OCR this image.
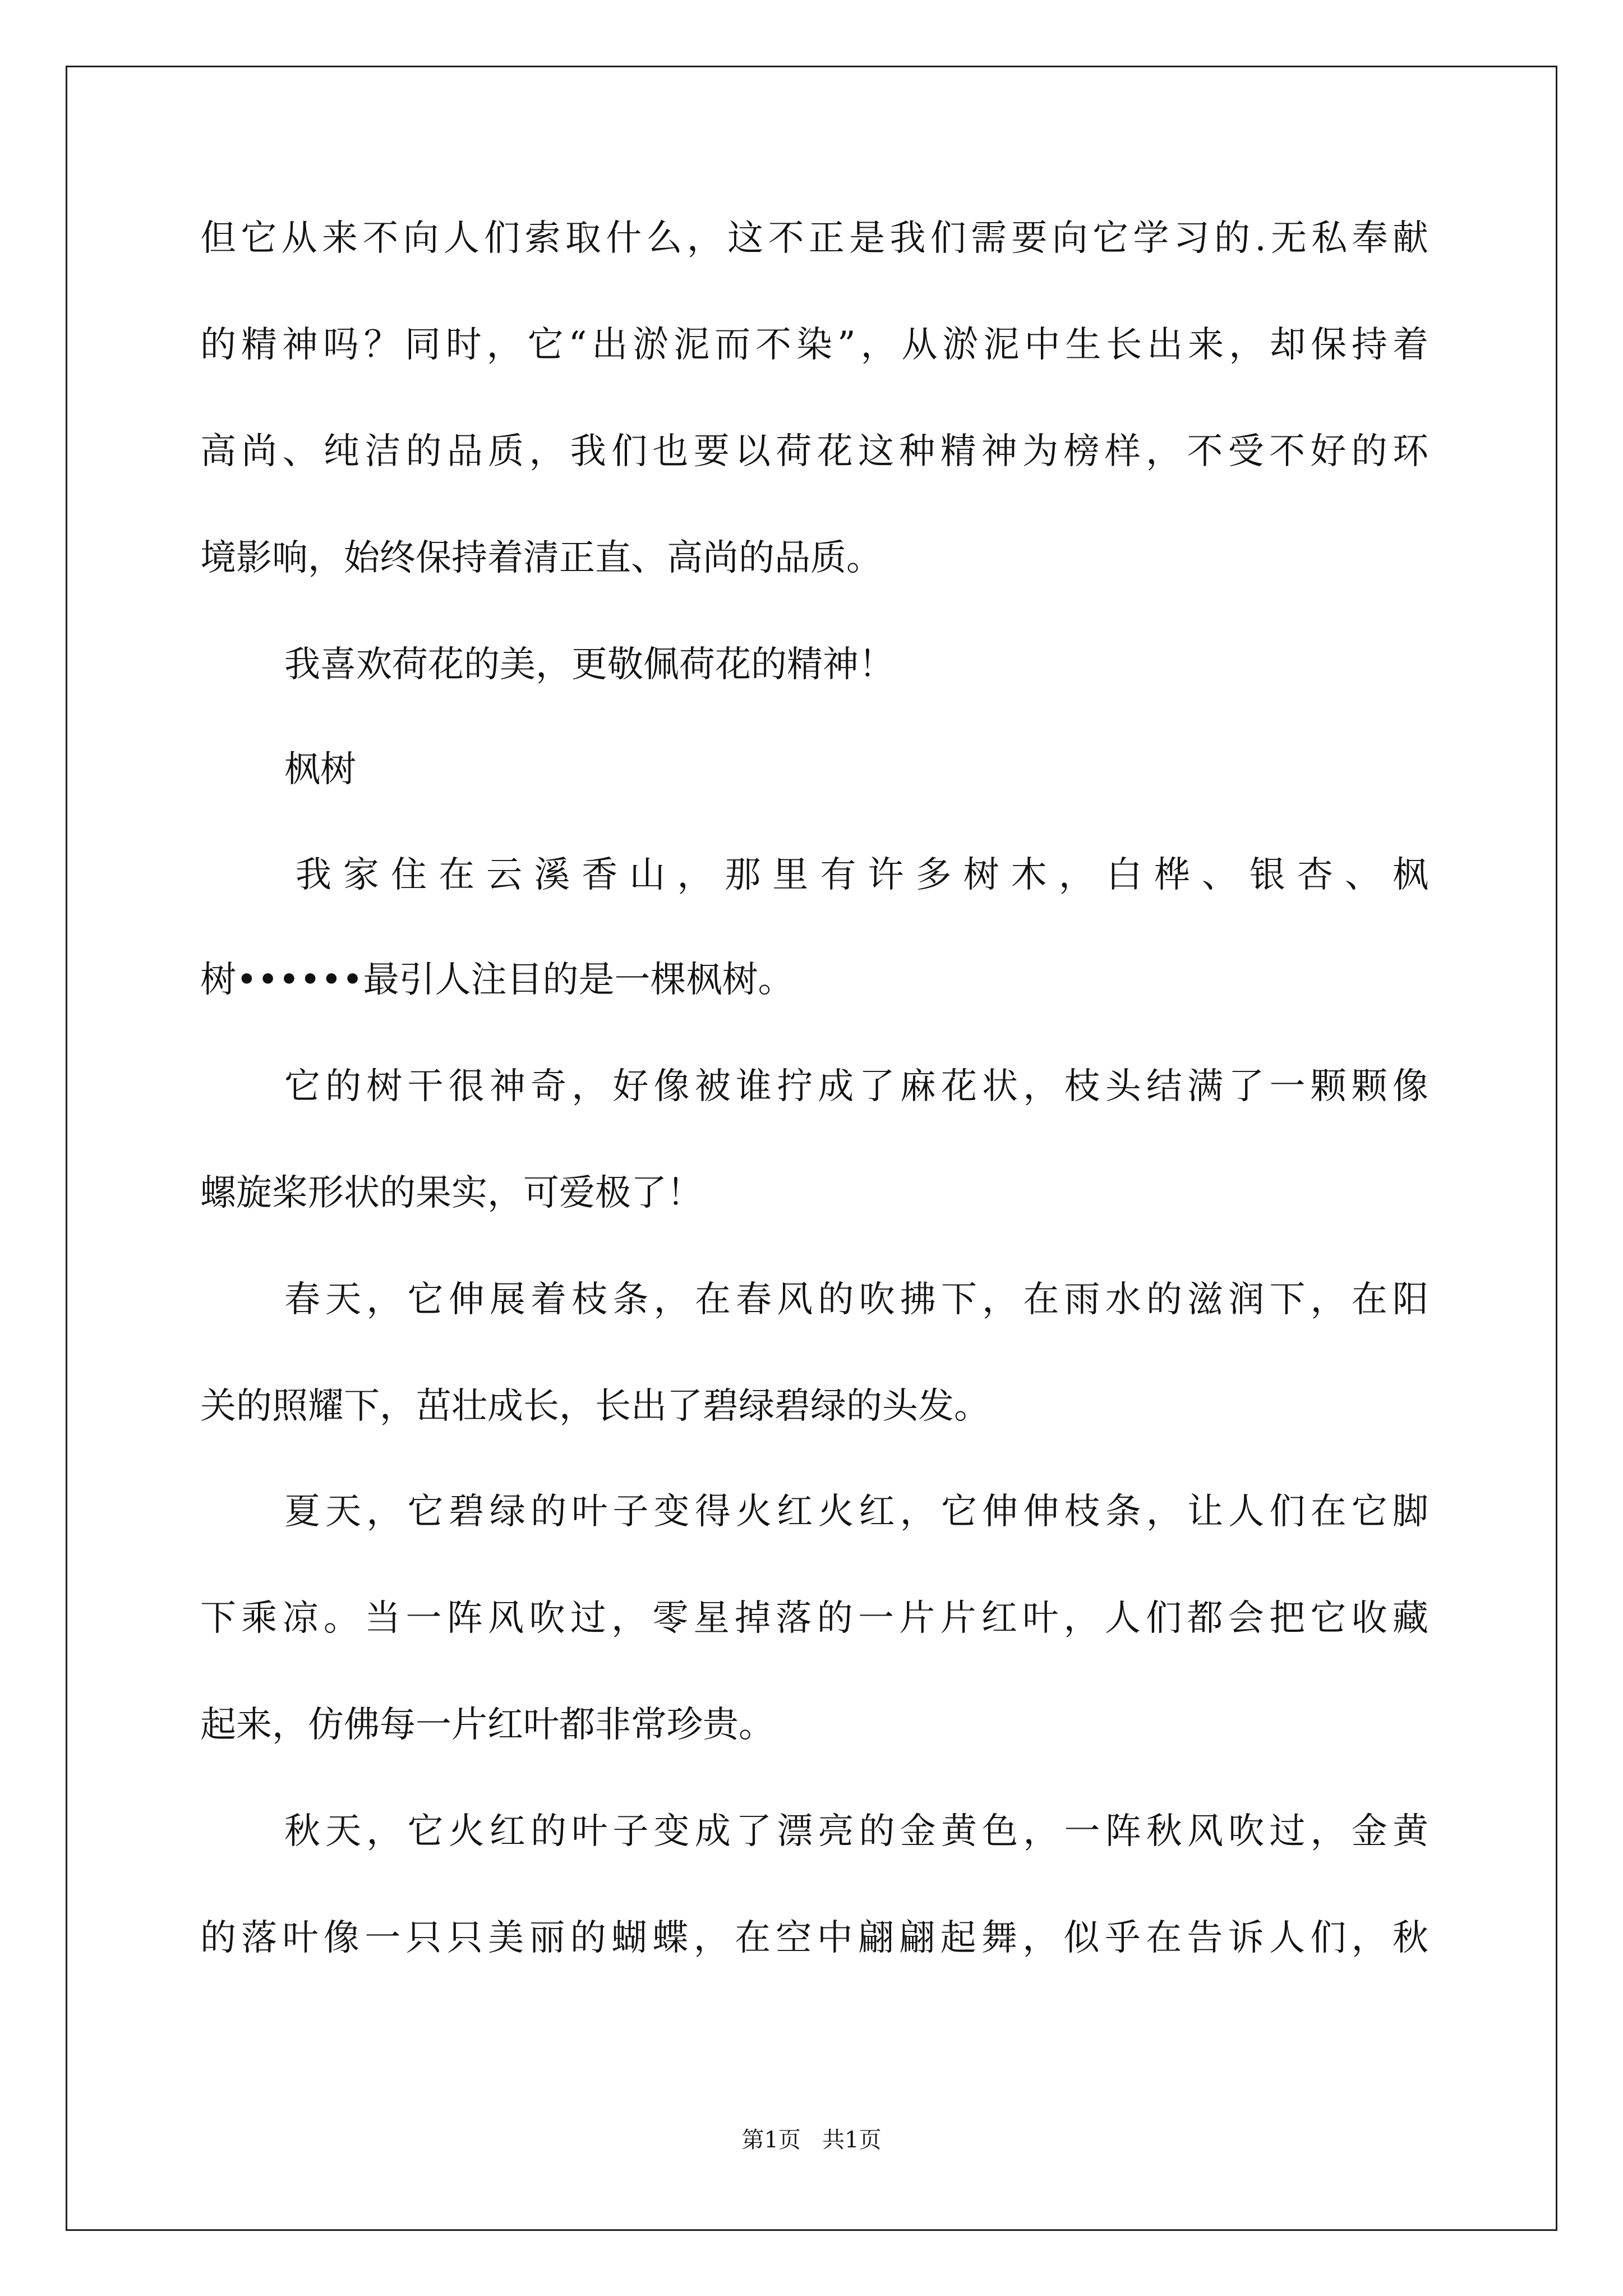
但它从来不向人们索取什么，这不正是我们需要向它学习的.无私奉献
的精神吗？同时，它“出淤泥而不染”，从淤泥中生长出来，却保持着
高尚、纯洁的品质，我们也要以荷花这种精神为榜样，不受不好的环
境影响，始终保持着清正直、高尚的品质。
我喜欢荷花的美，更敬佩荷花的精神！
枫树
我家住在云溪香山，那里有许多树木，白桦、银杏、枫
树••••••最引人注目的是一棵枫树。
它的树干很神奇，好像被谁拧成了麻花状，枝头结满了一颗颗像
螺旋桨形状的果实，可爱极了！
春天，它伸展着枝条，在春风的吹拂下，在雨水的滋润下，在阳
关的照耀下，茁壮成长，长出了碧绿碧绿的头发。
夏天，它碧绿的叶子变得火红火红，它伸伸枝条，让人们在它脚
下乘凉。当一阵风吹过，零星掉落的一片片红叶，人们都会把它收藏
起来，仿佛每一片红叶都非常珍贵。
秋天，它火红的叶子变成了漂亮的金黄色，一阵秋风吹过，金黄
的落叶像一只只美丽的蝴蝶，在空中翩翩起舞，似乎在告诉人们，秋
第1页   共1页
